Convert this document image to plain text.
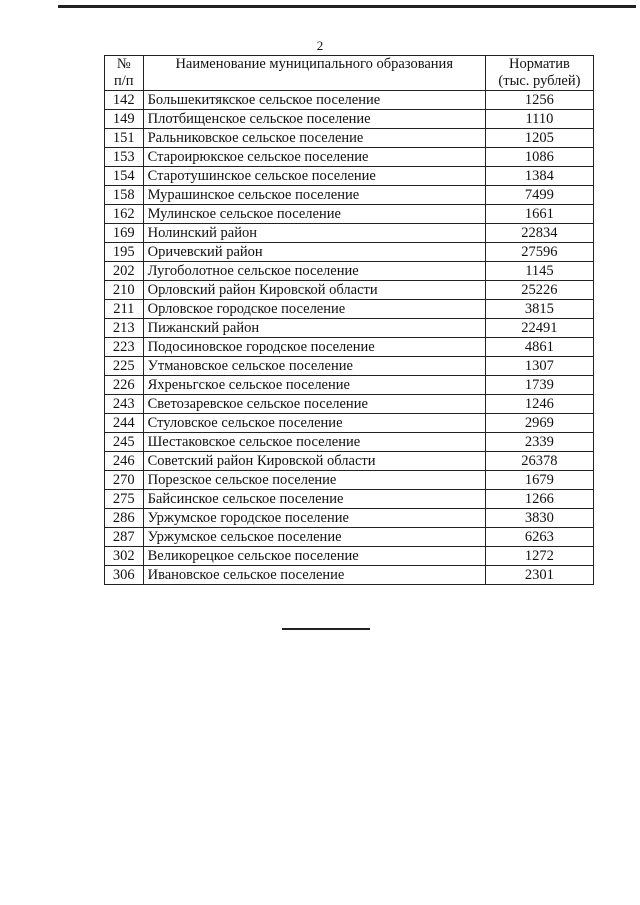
2
№
п/п	Наименование муниципального образования	Норматив
(тыс. рублей)

142	Большекитякское сельское поселение	1256
149	Плотбищенское сельское поселение	1110
151	Ральниковское сельское поселение	1205
153	Староирюкское сельское поселение	1086
154	Старотушинское сельское поселение	1384
158	Мурашинское сельское поселение	7499
162	Мулинское сельское поселение	1661
169	Нолинский район	22834
195	Оричевский район	27596
202	Лугоболотное сельское поселение	1145
210	Орловский район Кировской области	25226
211	Орловское городское поселение	3815
213	Пижанский район	22491
223	Подосиновское городское поселение	4861
225	Утмановское сельское поселение	1307
226	Яхреньгское сельское поселение	1739
243	Светозаревское сельское поселение	1246
244	Стуловское сельское поселение	2969
245	Шестаковское сельское поселение	2339
246	Советский район Кировской области	26378
270	Порезское сельское поселение	1679
275	Байсинское сельское поселение	1266
286	Уржумское городское поселение	3830
287	Уржумское сельское поселение	6263
302	Великорецкое сельское поселение	1272
306	Ивановское сельское поселение	2301
